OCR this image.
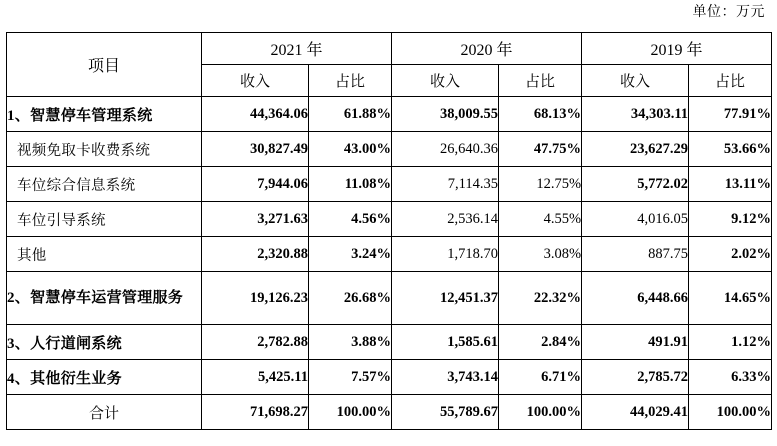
单位：万元
项目	2021 年		2020 年		2019 年	
	收入	占比	收入	占比	收入	占比
1、智慧停车管理系统	44,364.06	61.88%	38,009.55	68.13%	34,303.11	77.91%
视频免取卡收费系统	30,827.49	43.00%	26,640.36	47.75%	23,627.29	53.66%
车位综合信息系统	7,944.06	11.08%	7,114.35	12.75%	5,772.02	13.11%
车位引导系统	3,271.63	4.56%	2,536.14	4.55%	4,016.05	9.12%
其他	2,320.88	3.24%	1,718.70	3.08%	887.75	2.02%
2、智慧停车运营管理服务	19,126.23	26.68%	12,451.37	22.32%	6,448.66	14.65%
3、人行道闸系统	2,782.88	3.88%	1,585.61	2.84%	491.91	1.12%
4、其他衍生业务	5,425.11	7.57%	3,743.14	6.71%	2,785.72	6.33%
合计	71,698.27	100.00%	55,789.67	100.00%	44,029.41	100.00%
